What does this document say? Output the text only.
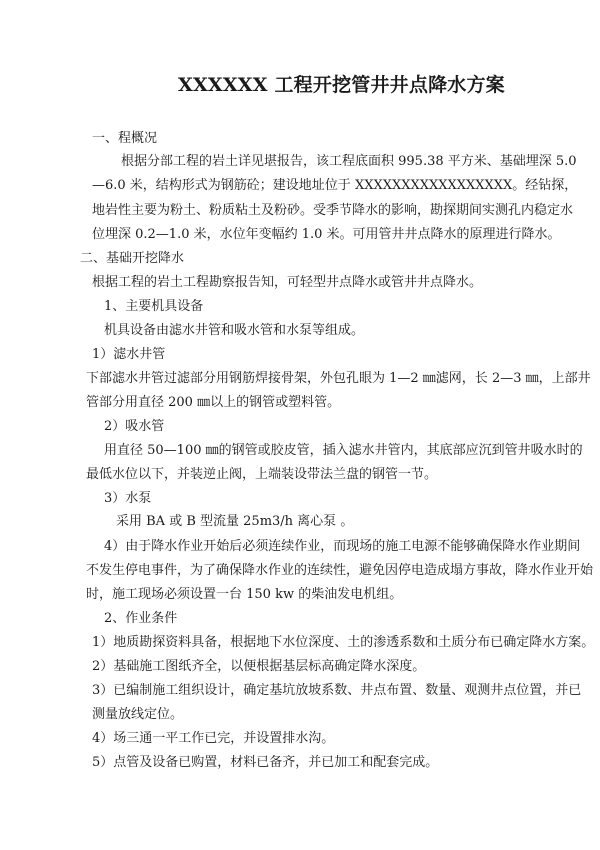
XXXXXX 工程开挖管井井点降水方案
一、程概况
根据分部工程的岩土详见堪报告，该工程底面积 995.38 平方米、基础埋深 5.0
—6.0 米，结构形式为钢筋砼；建设地址位于 XXXXXXXXXXXXXXXXX。经钻探，
地岩性主要为粉土、粉质粘土及粉砂。受季节降水的影响，勘探期间实测孔内稳定水
位埋深 0.2—1.0 米，水位年变幅约 1.0 米。可用管井井点降水的原理进行降水。
二、基础开挖降水
根据工程的岩土工程勘察报告知，可轻型井点降水或管井井点降水。
1、主要机具设备
机具设备由滤水井管和吸水管和水泵等组成。
1）滤水井管
下部滤水井管过滤部分用钢筋焊接骨架，外包孔眼为 1—2 ㎜滤网，长 2—3 ㎜，上部井
管部分用直径 200 ㎜以上的钢管或塑料管。
2）吸水管
用直径 50—100 ㎜的钢管或胶皮管，插入滤水井管内，其底部应沉到管井吸水时的
最低水位以下，并装逆止阀，上端装设带法兰盘的钢管一节。
3）水泵
采用 BA 或 B 型流量 25m3/h 离心泵 。
4）由于降水作业开始后必须连续作业，而现场的施工电源不能够确保降水作业期间
不发生停电事件，为了确保降水作业的连续性，避免因停电造成塌方事故，降水作业开始
时，施工现场必须设置一台 150 kw 的柴油发电机组。
2、作业条件
1）地质勘探资料具备，根据地下水位深度、土的渗透系数和土质分布已确定降水方案。
2）基础施工图纸齐全，以便根据基层标高确定降水深度。
3）已编制施工组织设计，确定基坑放坡系数、井点布置、数量、观测井点位置，并已
测量放线定位。
4）场三通一平工作已完，并设置排水沟。
5）点管及设备已购置，材料已备齐，并已加工和配套完成。
